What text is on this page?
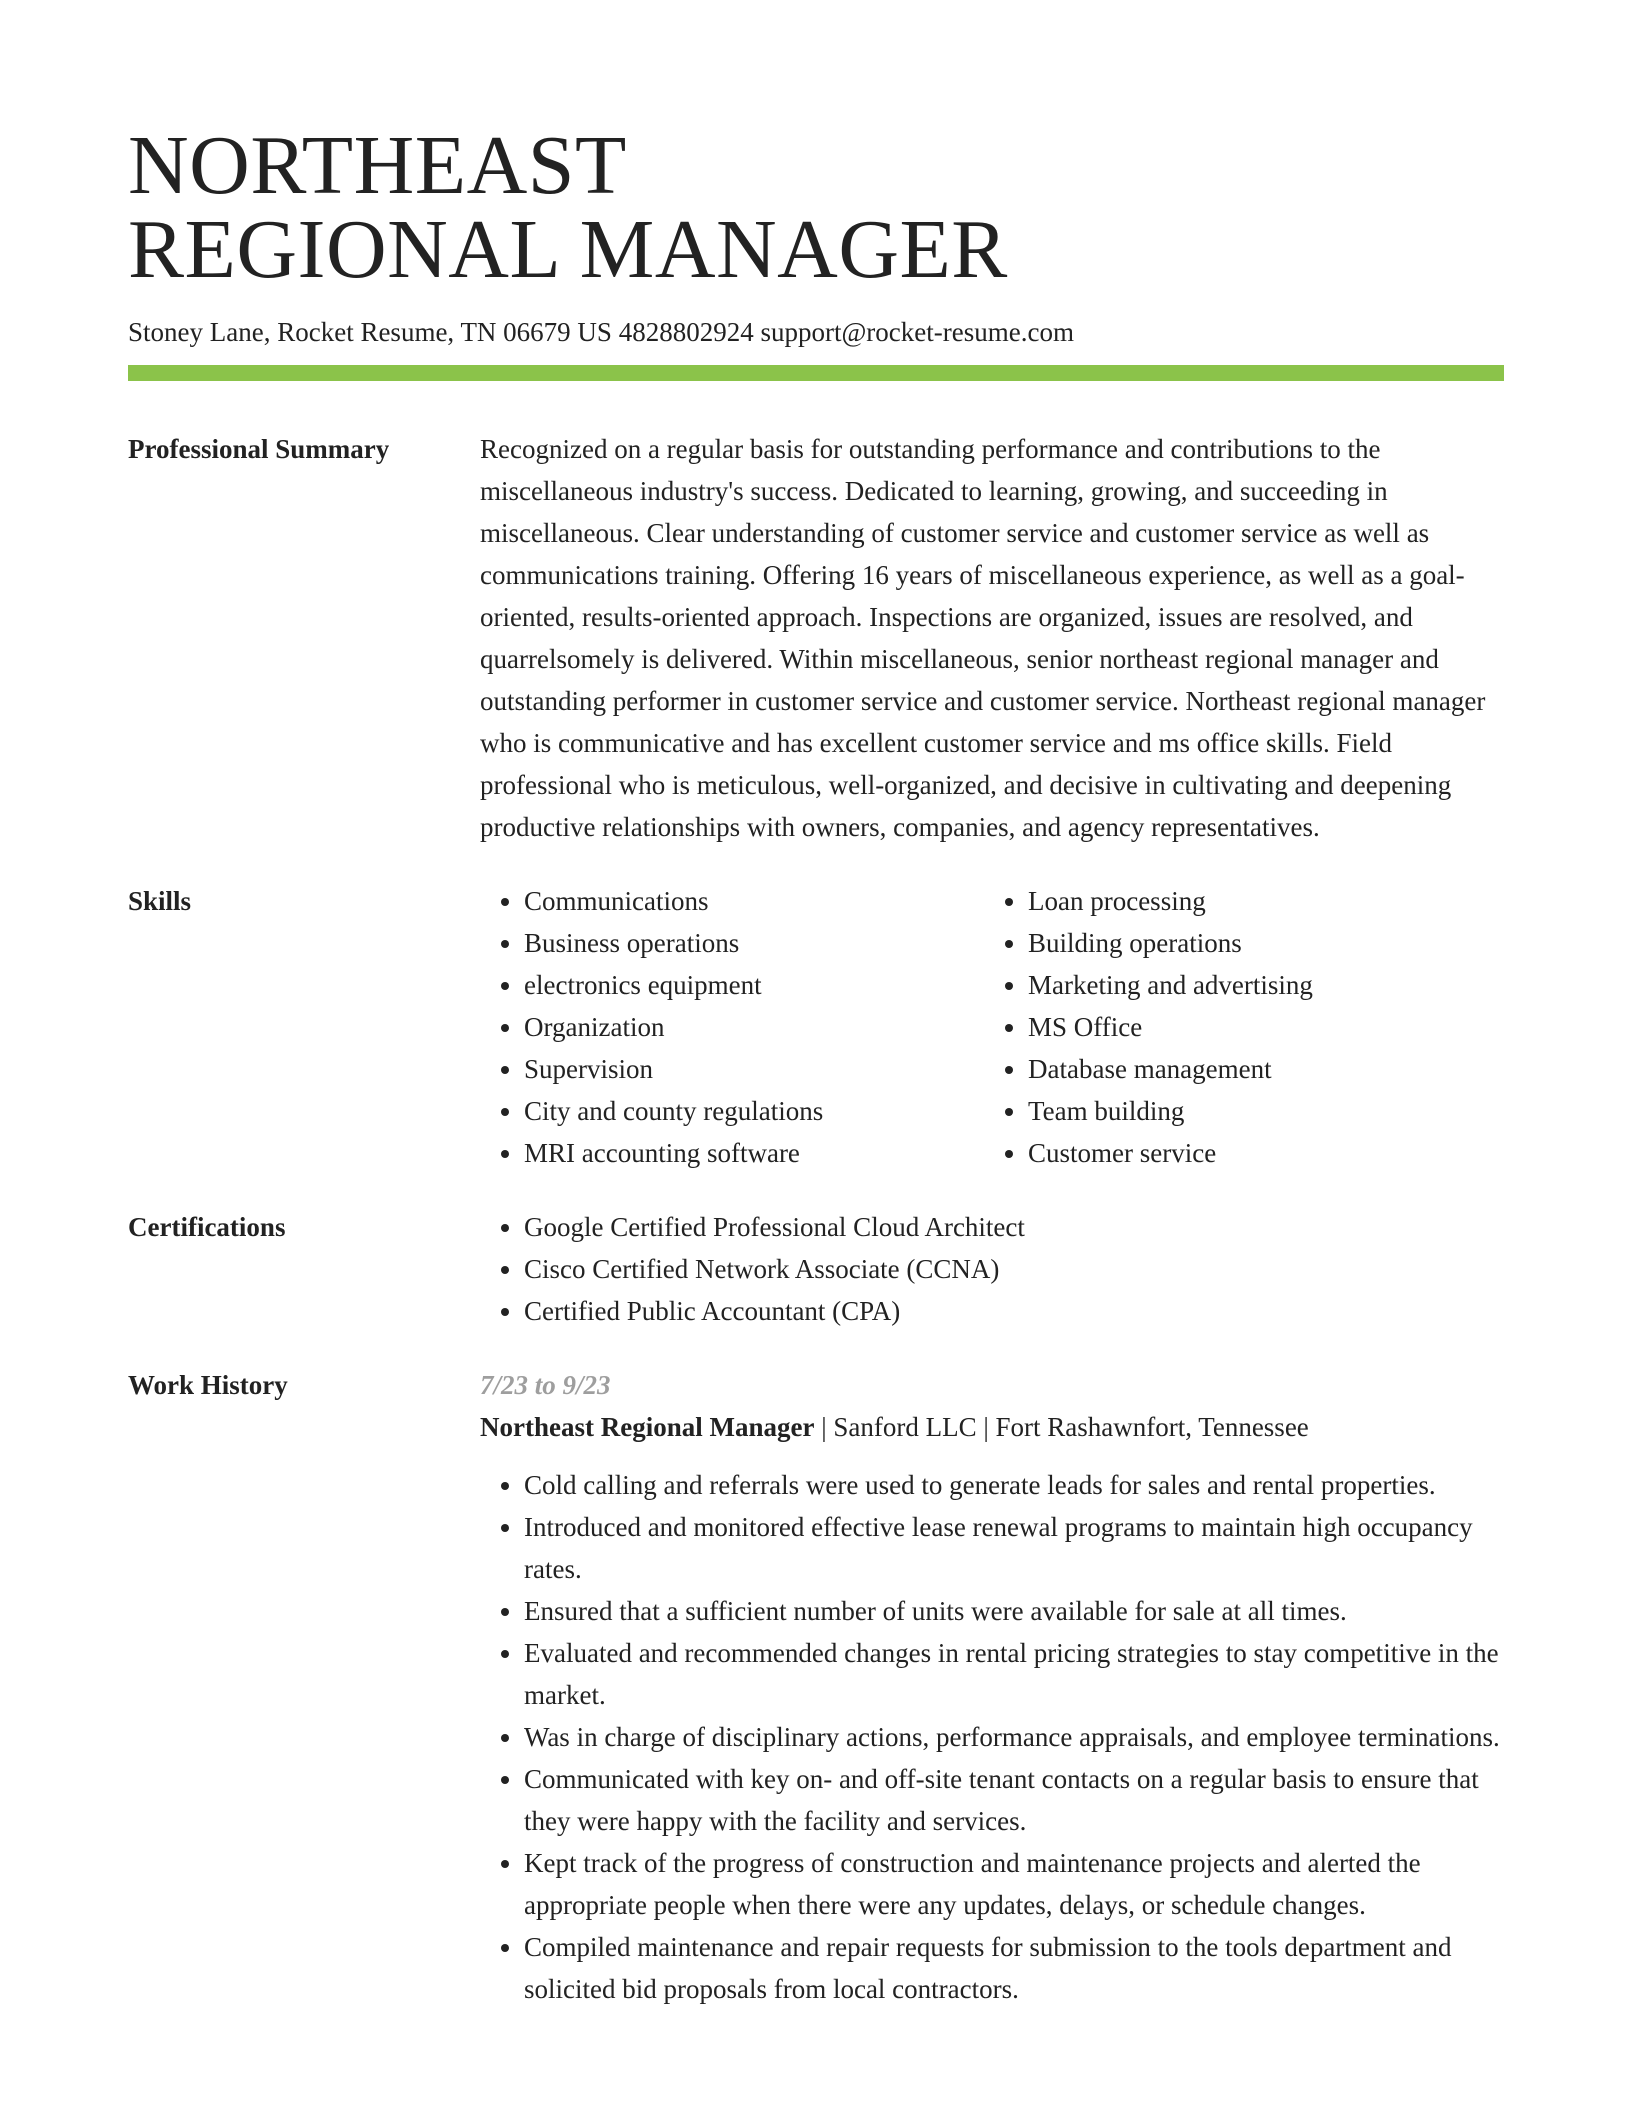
NORTHEAST
REGIONAL MANAGER
Stoney Lane, Rocket Resume, TN 06679 US 4828802924 support@rocket-resume.com
Professional Summary	Recognized on a regular basis for outstanding performance and contributions to the miscellaneous industry's success. Dedicated to learning, growing, and succeeding in miscellaneous. Clear understanding of customer service and customer service as well as communications training. Offering 16 years of miscellaneous experience, as well as a goal-oriented, results-oriented approach. Inspections are organized, issues are resolved, and quarrelsomely is delivered. Within miscellaneous, senior northeast regional manager and outstanding performer in customer service and customer service. Northeast regional manager who is communicative and has excellent customer service and ms office skills. Field professional who is meticulous, well-organized, and decisive in cultivating and deepening productive relationships with owners, companies, and agency representatives.

Skills	• Communications
• Business operations
• electronics equipment
• Organization
• Supervision
• City and county regulations
• MRI accounting software
• Loan processing
• Building operations
• Marketing and advertising
• MS Office
• Database management
• Team building
• Customer service
Certifications	• Google Certified Professional Cloud Architect
• Cisco Certified Network Associate (CCNA)
• Certified Public Accountant (CPA)
Work History	7/23 to 9/23
Northeast Regional Manager | Sanford LLC | Fort Rashawnfort, Tennessee
• Cold calling and referrals were used to generate leads for sales and rental properties.
• Introduced and monitored effective lease renewal programs to maintain high occupancy rates.
• Ensured that a sufficient number of units were available for sale at all times.
• Evaluated and recommended changes in rental pricing strategies to stay competitive in the market.
• Was in charge of disciplinary actions, performance appraisals, and employee terminations.
• Communicated with key on- and off-site tenant contacts on a regular basis to ensure that they were happy with the facility and services.
• Kept track of the progress of construction and maintenance projects and alerted the appropriate people when there were any updates, delays, or schedule changes.
• Compiled maintenance and repair requests for submission to the tools department and solicited bid proposals from local contractors.
